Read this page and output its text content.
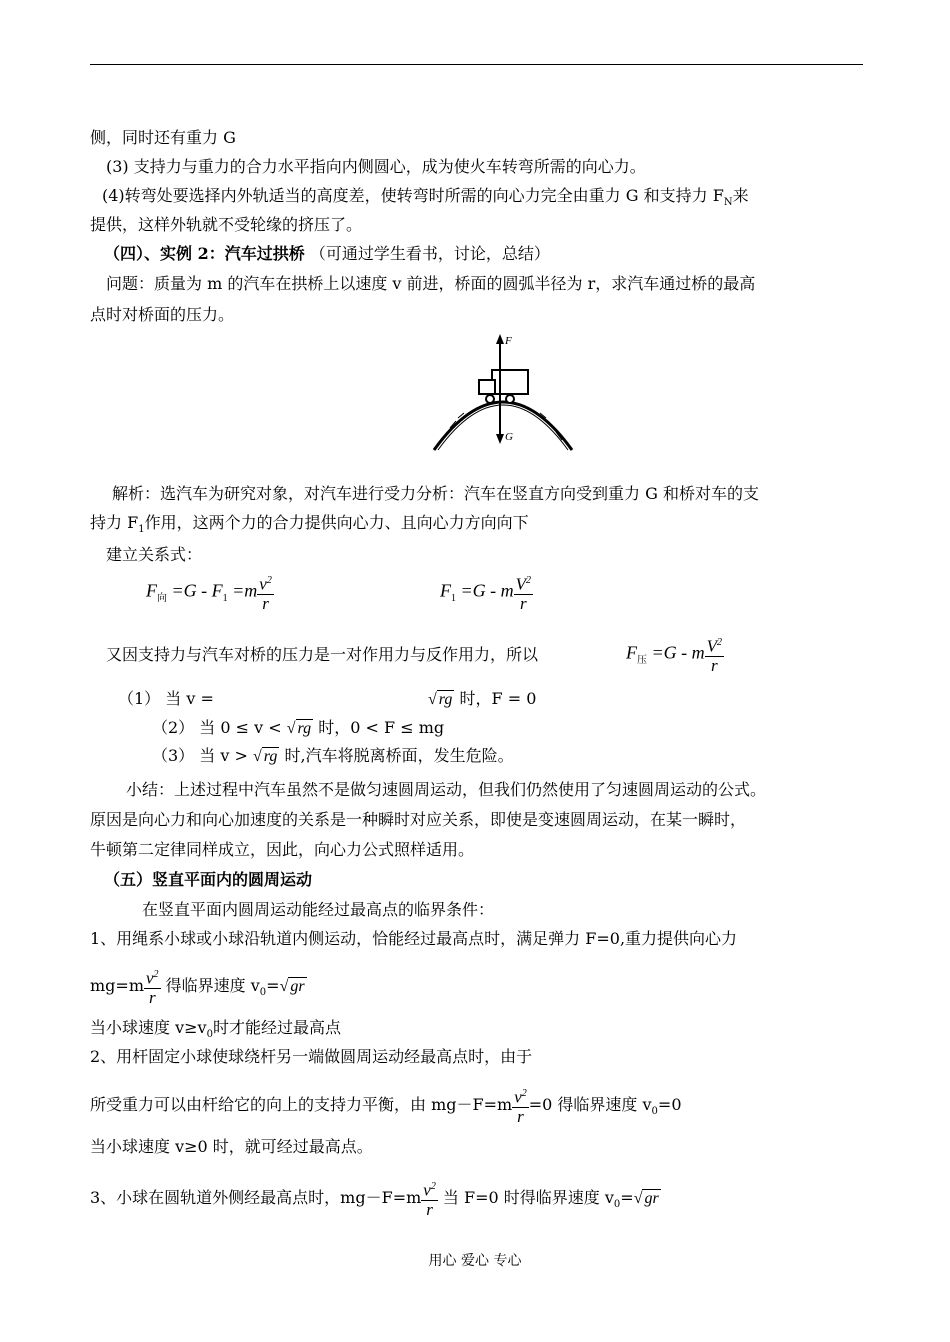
侧，同时还有重力 G
(3) 支持力与重力的合力水平指向内侧圆心，成为使火车转弯所需的向心力。
(4)转弯处要选择内外轨适当的高度差，使转弯时所需的向心力完全由重力 G 和支持力 $F_N$来
提供，这样外轨就不受轮缘的挤压了。
（四）、实例 2：汽车过拱桥 （可通过学生看书，讨论，总结）
问题：质量为 m 的汽车在拱桥上以速度 v 前进，桥面的圆弧半径为 r，求汽车通过桥的最高
点时对桥面的压力。
F
G
解析：选汽车为研究对象，对汽车进行受力分析：汽车在竖直方向受到重力 G 和桥对车的支
持力 $F_1$作用，这两个力的合力提供向心力、且向心力方向向下
建立关系式：
$F_向 =G - F_1 =m \frac{v^2}{r}$	$F_1 =G - m \frac{V^2}{r}$
又因支持力与汽车对桥的压力是一对作用力与反作用力，所以	$F_压 =G - m \frac{V^2}{r}$
（1） 当 v =	√ rg 时，F = 0
（2） 当 0 ≤ v < √ rg 时，0 < F ≤ mg
（3） 当 v > √ rg 时,汽车将脱离桥面，发生危险。
小结：上述过程中汽车虽然不是做匀速圆周运动，但我们仍然使用了匀速圆周运动的公式。
原因是向心力和向心加速度的关系是一种瞬时对应关系，即使是变速圆周运动，在某一瞬时，
牛顿第二定律同样成立，因此，向心力公式照样适用。
（五）竖直平面内的圆周运动
在竖直平面内圆周运动能经过最高点的临界条件：
1、用绳系小球或小球沿轨道内侧运动，恰能经过最高点时，满足弹力 F=0,重力提供向心力
$mg=m \frac{v^2}{r}$ 得临界速度 $v_0=√$ gr
当小球速度 $v\ge v_0$时才能经过最高点
2、用杆固定小球使球绕杆另一端做圆周运动经最高点时，由于
所受重力可以由杆给它的向上的支持力平衡，由 $mg-F=m \frac{v^2}{r} =0$ 得临界速度 $v_0=0$
当小球速度 v≥0 时，就可经过最高点。
3、小球在圆轨道外侧经最高点时，$mg-F=m \frac{v^2}{r}$ 当 F=0 时得临界速度 $v_0=√$ gr
用心 爱心 专心
